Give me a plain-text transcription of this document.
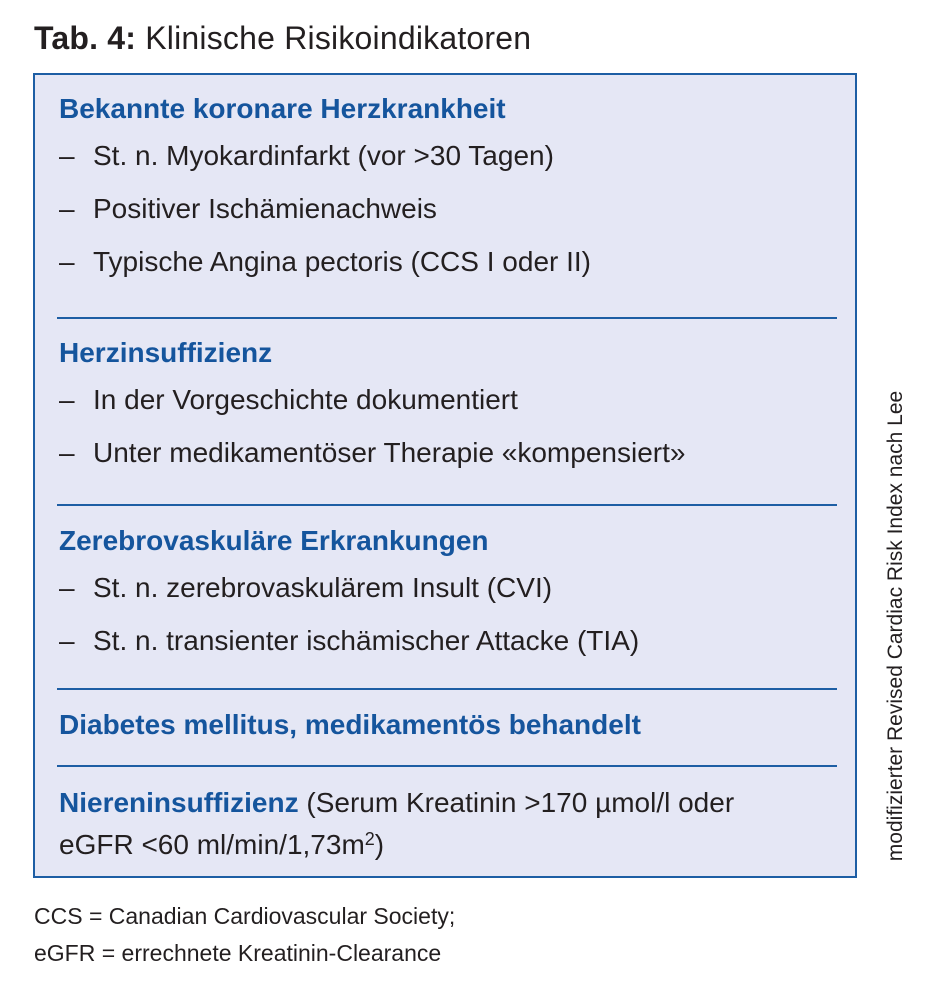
Tab. 4: Klinische Risikoindikatoren
Bekannte koronare Herzkrankheit
– St. n. Myokardinfarkt (vor >30 Tagen)
– Positiver Ischämienachweis
– Typische Angina pectoris (CCS I oder II)
Herzinsuffizienz
– In der Vorgeschichte dokumentiert
– Unter medikamentöser Therapie «kompensiert»
Zerebrovaskuläre Erkrankungen
– St. n. zerebrovaskulärem Insult (CVI)
– St. n. transienter ischämischer Attacke (TIA)
Diabetes mellitus, medikamentös behandelt
Niereninsuffizienz (Serum Kreatinin >170 µmol/l oder
eGFR <60 $ml/\min/1,73m^2$)	modifizierter Revised Cardiac Risk Index nach Lee
CCS = Canadian Cardiovascular Society;
eGFR = errechnete Kreatinin-Clearance
